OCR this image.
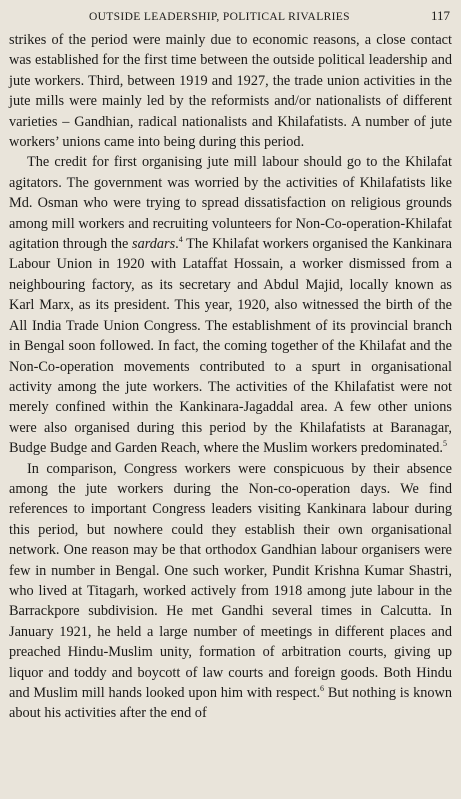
OUTSIDE LEADERSHIP, POLITICAL RIVALRIES	117

strikes of the period were mainly due to economic reasons, a close contact was established for the first time between the outside political leadership and jute workers. Third, between 1919 and 1927, the trade union activities in the jute mills were mainly led by the reformists and/or nationalists of different varieties – Gandhian, radical nationalists and Khilafatists. A number of jute workers’ unions came into being during this period.

The credit for first organising jute mill labour should go to the Khilafat agitators. The government was worried by the activities of Khilafatists like Md. Osman who were trying to spread dissatisfaction on religious grounds among mill workers and recruiting volunteers for Non-Co-operation-Khilafat agitation through the sardars.$^4$ The Khilafat workers organised the Kankinara Labour Union in 1920 with Lataffat Hossain, a worker dismissed from a neighbouring factory, as its secretary and Abdul Majid, locally known as Karl Marx, as its president. This year, 1920, also witnessed the birth of the All India Trade Union Congress. The establishment of its provincial branch in Bengal soon followed. In fact, the coming together of the Khilafat and the Non-Co-operation movements contributed to a spurt in organisational activity among the jute workers. The activities of the Khilafatist were not merely confined within the Kankinara-Jagaddal area. A few other unions were also organised during this period by the Khilafatists at Baranagar, Budge Budge and Garden Reach, where the Muslim workers predominated.$^5$

In comparison, Congress workers were conspicuous by their absence among the jute workers during the Non-co-operation days. We find references to important Congress leaders visiting Kankinara labour during this period, but nowhere could they establish their own organisational network. One reason may be that orthodox Gandhian labour organisers were few in number in Bengal. One such worker, Pundit Krishna Kumar Shastri, who lived at Titagarh, worked actively from 1918 among jute labour in the Barrackpore subdivision. He met Gandhi several times in Calcutta. In January 1921, he held a large number of meetings in different places and preached Hindu-Muslim unity, formation of arbitration courts, giving up liquor and toddy and boycott of law courts and foreign goods. Both Hindu and Muslim mill hands looked upon him with respect.$^6$ But nothing is known about his activities after the end of
